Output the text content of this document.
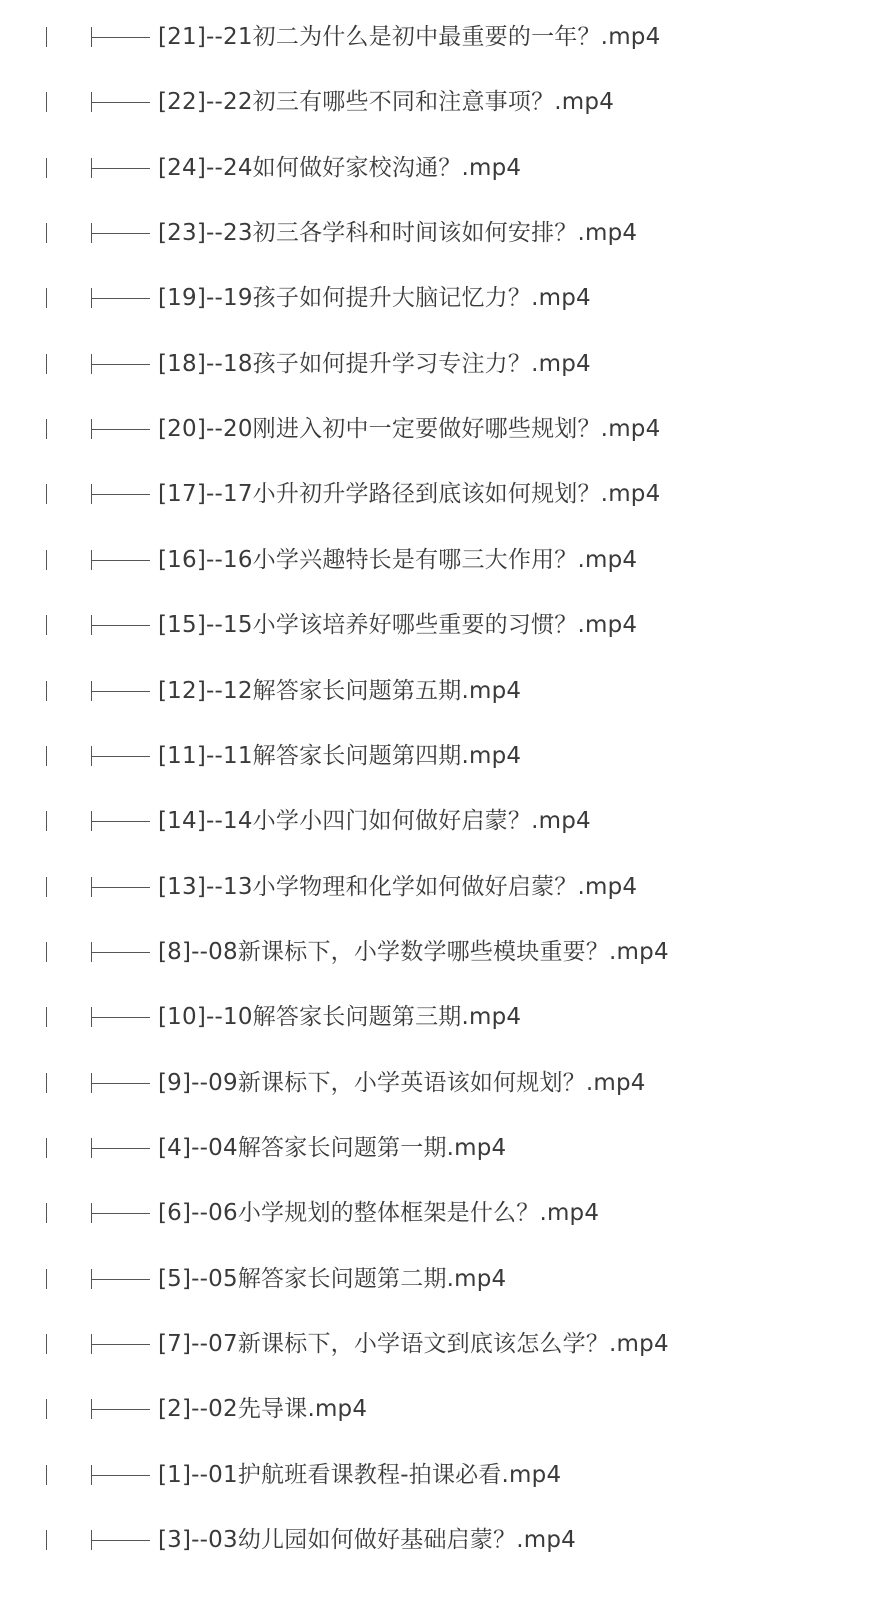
[21]--21初二为什么是初中最重要的一年？.mp4
[22]--22初三有哪些不同和注意事项？.mp4
[24]--24如何做好家校沟通？.mp4
[23]--23初三各学科和时间该如何安排？.mp4
[19]--19孩子如何提升大脑记忆力？.mp4
[18]--18孩子如何提升学习专注力？.mp4
[20]--20刚进入初中一定要做好哪些规划？.mp4
[17]--17小升初升学路径到底该如何规划？.mp4
[16]--16小学兴趣特长是有哪三大作用？.mp4
[15]--15小学该培养好哪些重要的习惯？.mp4
[12]--12解答家长问题第五期.mp4
[11]--11解答家长问题第四期.mp4
[14]--14小学小四门如何做好启蒙？.mp4
[13]--13小学物理和化学如何做好启蒙？.mp4
[8]--08新课标下，小学数学哪些模块重要？.mp4
[10]--10解答家长问题第三期.mp4
[9]--09新课标下，小学英语该如何规划？.mp4
[4]--04解答家长问题第一期.mp4
[6]--06小学规划的整体框架是什么？.mp4
[5]--05解答家长问题第二期.mp4
[7]--07新课标下，小学语文到底该怎么学？.mp4
[2]--02先导课.mp4
[1]--01护航班看课教程-拍课必看.mp4
[3]--03幼儿园如何做好基础启蒙？.mp4
